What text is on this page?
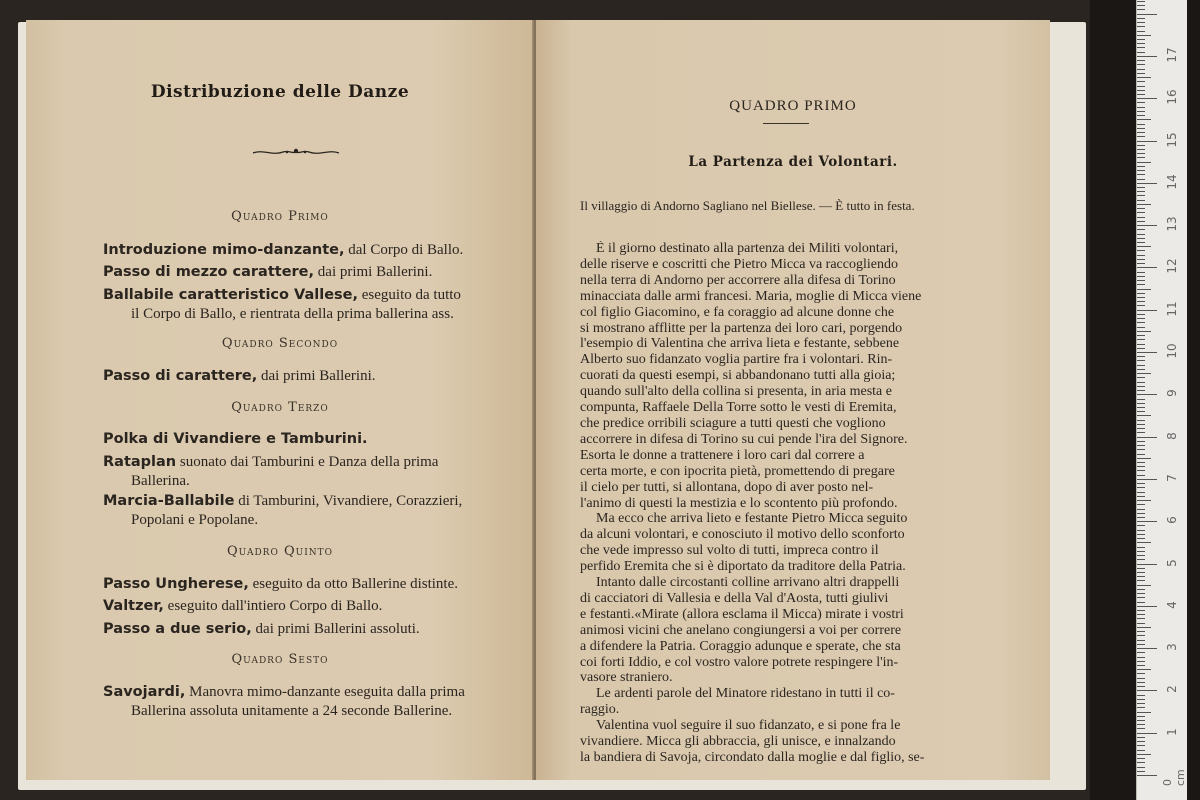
Distribuzione delle Danze
Quadro Primo
Introduzione mimo-danzante, dal Corpo di Ballo.
Passo di mezzo carattere, dai primi Ballerini.
Ballabile caratteristico Vallese, eseguito da tutto
il Corpo di Ballo, e rientrata della prima ballerina ass.
Quadro Secondo
Passo di carattere, dai primi Ballerini.
Quadro Terzo
Polka di Vivandiere e Tamburini.
Rataplan suonato dai Tamburini e Danza della prima
Ballerina.
Marcia-Ballabile di Tamburini, Vivandiere, Corazzieri,
Popolani e Popolane.
Quadro Quinto
Passo Ungherese, eseguito da otto Ballerine distinte.
Valtzer, eseguito dall'intiero Corpo di Ballo.
Passo a due serio, dai primi Ballerini assoluti.
Quadro Sesto
Savojardi, Manovra mimo-danzante eseguita dalla prima
Ballerina assoluta unitamente a 24 seconde Ballerine.
QUADRO PRIMO
La Partenza dei Volontari.
Il villaggio di Andorno Sagliano nel Biellese. — È tutto in festa.
È il giorno destinato alla partenza dei Militi volontari,
delle riserve e coscritti che Pietro Micca va raccogliendo
nella terra di Andorno per accorrere alla difesa di Torino
minacciata dalle armi francesi. Maria, moglie di Micca viene
col figlio Giacomino, e fa coraggio ad alcune donne che
si mostrano afflitte per la partenza dei loro cari, porgendo
l'esempio di Valentina che arriva lieta e festante, sebbene
Alberto suo fidanzato voglia partire fra i volontari. Rin-
cuorati da questi esempi, si abbandonano tutti alla gioia;
quando sull'alto della collina si presenta, in aria mesta e
compunta, Raffaele Della Torre sotto le vesti di Eremita,
che predice orribili sciagure a tutti questi che vogliono
accorrere in difesa di Torino su cui pende l'ira del Signore.
Esorta le donne a trattenere i loro cari dal correre a
certa morte, e con ipocrita pietà, promettendo di pregare
il cielo per tutti, si allontana, dopo di aver posto nel-
l'animo di questi la mestizia e lo scontento più profondo.
Ma ecco che arriva lieto e festante Pietro Micca seguito
da alcuni volontari, e conosciuto il motivo dello sconforto
che vede impresso sul volto di tutti, impreca contro il
perfido Eremita che si è diportato da traditore della Patria.
Intanto dalle circostanti colline arrivano altri drappelli
di cacciatori di Vallesia e della Val d'Aosta, tutti giulivi
e festanti.«Mirate (allora esclama il Micca) mirate i vostri
animosi vicini che anelano congiungersi a voi per correre
a difendere la Patria. Coraggio adunque e sperate, che sta
coi forti Iddio, e col vostro valore potrete respingere l'in-
vasore straniero.
Le ardenti parole del Minatore ridestano in tutti il co-
raggio.
Valentina vuol seguire il suo fidanzato, e si pone fra le
vivandiere. Micca gli abbraccia, gli unisce, e innalzando
la bandiera di Savoja, circondato dalla moglie e dal figlio, se-
0 cm
1
2
3
4
5
6
7
8
9
10
11
12
13
14
15
16
17
